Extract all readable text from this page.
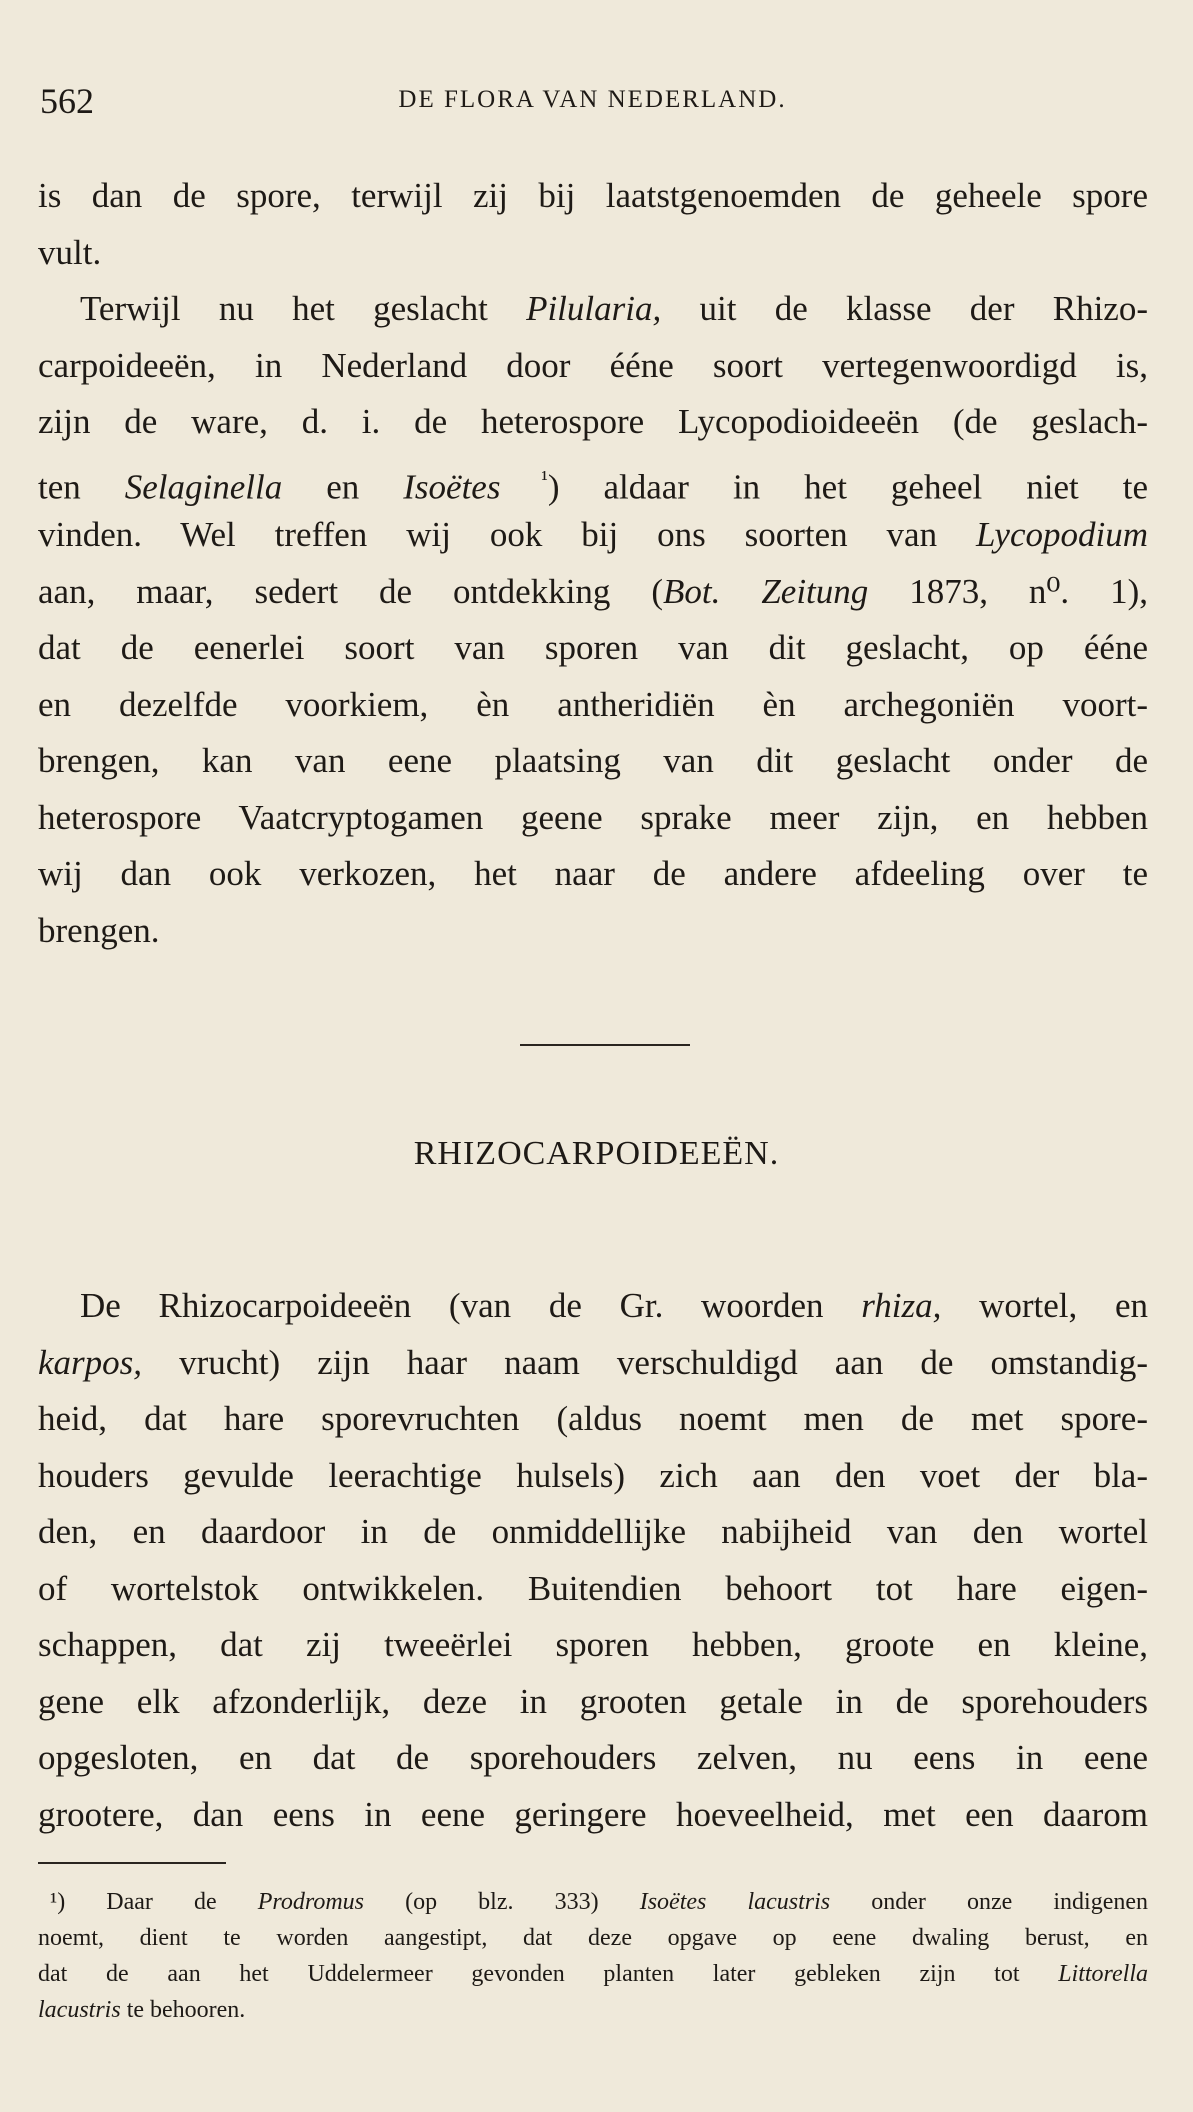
562	DE FLORA VAN NEDERLAND.
is dan de spore, terwijl zij bij laatstgenoemden de geheele spore
vult.
Terwijl nu het geslacht Pilularia, uit de klasse der Rhizo-
carpoideeën, in Nederland door ééne soort vertegenwoordigd is,
zijn de ware, d. i. de heterospore Lycopodioideeën (de geslach-
ten Selaginella en Isoëtes $^{^1}$) aldaar in het geheel niet te
vinden. Wel treffen wij ook bij ons soorten van Lycopodium
aan, maar, sedert de ontdekking (Bot. Zeitung 1873, n⁰. 1),
dat de eenerlei soort van sporen van dit geslacht, op ééne
en dezelfde voorkiem, èn antheridiën èn archegoniën voort-
brengen, kan van eene plaatsing van dit geslacht onder de
heterospore Vaatcryptogamen geene sprake meer zijn, en hebben
wij dan ook verkozen, het naar de andere afdeeling over te
brengen.
RHIZOCARPOIDEEËN.
De Rhizocarpoideeën (van de Gr. woorden rhiza, wortel, en
karpos, vrucht) zijn haar naam verschuldigd aan de omstandig-
heid, dat hare sporevruchten (aldus noemt men de met spore-
houders gevulde leerachtige hulsels) zich aan den voet der bla-
den, en daardoor in de onmiddellijke nabijheid van den wortel
of wortelstok ontwikkelen. Buitendien behoort tot hare eigen-
schappen, dat zij tweeërlei sporen hebben, groote en kleine,
gene elk afzonderlijk, deze in grooten getale in de sporehouders
opgesloten, en dat de sporehouders zelven, nu eens in eene
grootere, dan eens in eene geringere hoeveelheid, met een daarom
¹) Daar de Prodromus (op blz. 333) Isoëtes lacustris onder onze indigenen
noemt, dient te worden aangestipt, dat deze opgave op eene dwaling berust, en
dat de aan het Uddelermeer gevonden planten later gebleken zijn tot Littorella
lacustris te behooren.
